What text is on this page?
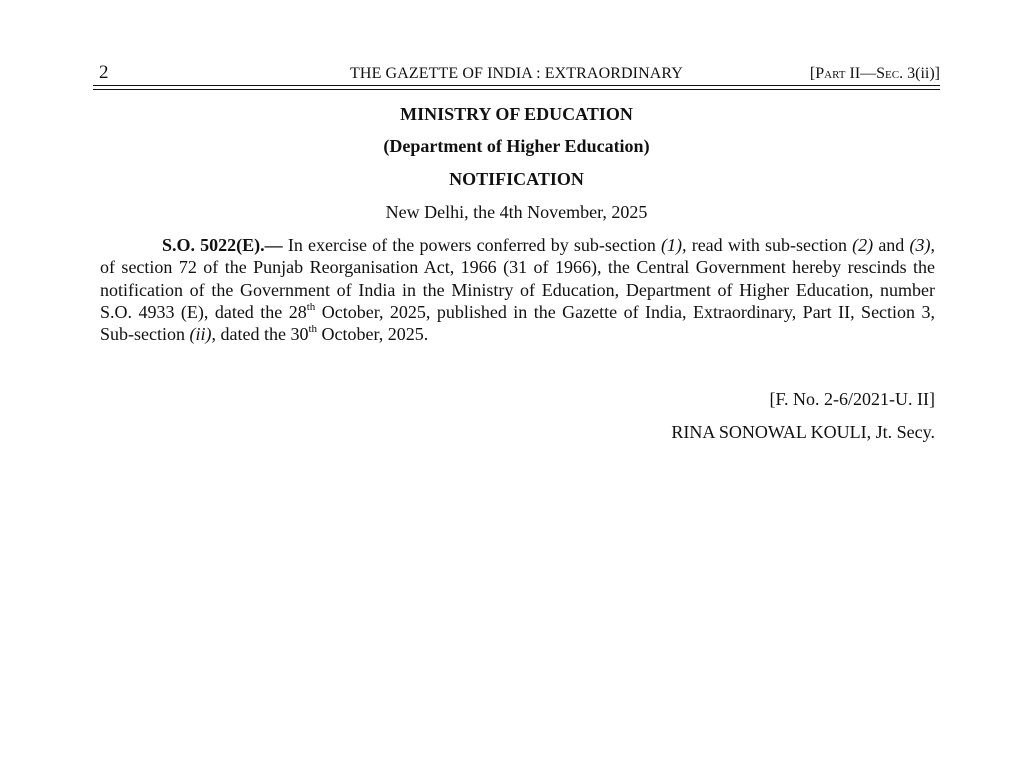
2	THE GAZETTE OF INDIA : EXTRAORDINARY	[Part II—Sec. 3(ii)]
MINISTRY OF EDUCATION
(Department of Higher Education)
NOTIFICATION
New Delhi, the 4th November, 2025

S.O. 5022(E).— In exercise of the powers conferred by sub-section (1), read with sub-section (2) and (3), of section 72 of the Punjab Reorganisation Act, 1966 (31 of 1966), the Central Government hereby rescinds the notification of the Government of India in the Ministry of Education, Department of Higher Education, number S.O. 4933 (E), dated the 28th October, 2025, published in the Gazette of India, Extraordinary, Part II, Section 3, Sub-section (ii), dated the 30th October, 2025.

[F. No. 2-6/2021-U. II]
RINA SONOWAL KOULI, Jt. Secy.
